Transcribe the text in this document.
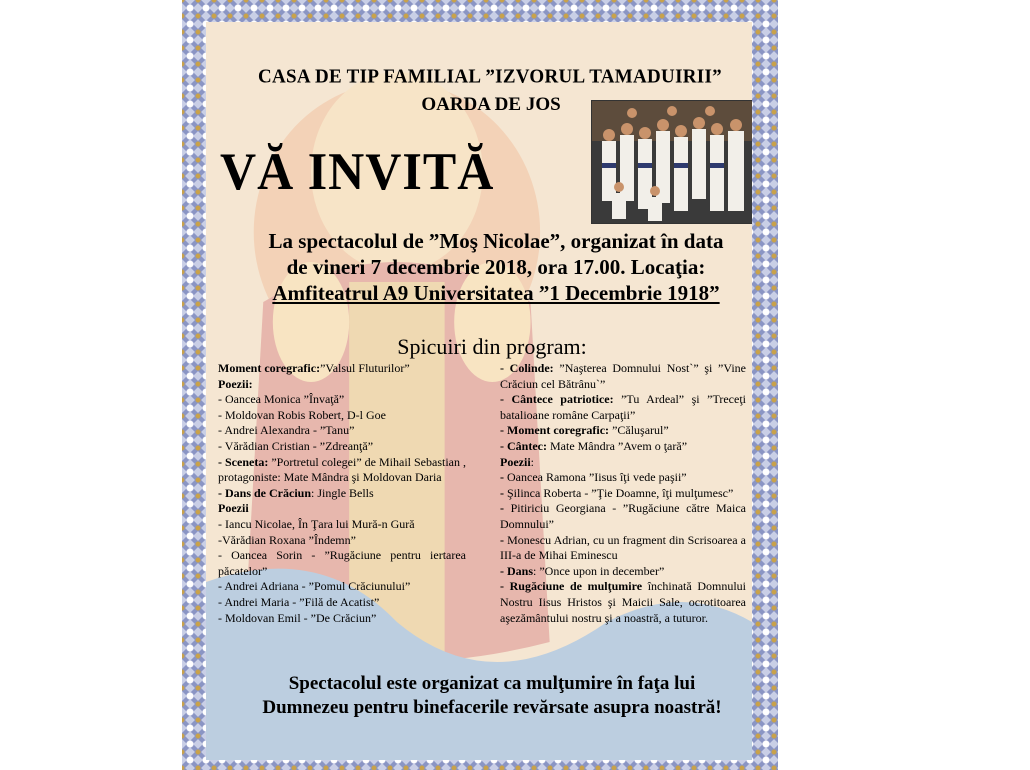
CASA DE TIP FAMILIAL ”IZVORUL TAMADUIRII”
OARDA DE JOS
VĂ INVITĂ
La spectacolul de ”Moş Nicolae”, organizat în data
de vineri 7 decembrie 2018, ora 17.00. Locaţia:
Amfiteatrul A9 Universitatea ”1 Decembrie 1918”
Spicuiri din program:

Moment coregrafic:”Valsul Fluturilor”

Poezii:

- Oancea Monica ”Învaţă”

- Moldovan Robis Robert, D-l Goe

- Andrei Alexandra - ”Tanu”

- Vărădian Cristian - ”Zdreanţă”

- Sceneta: ”Portretul colegei” de Mihail Sebastian , protagoniste: Mate Mândra şi Moldovan Daria

- Dans de Crăciun: Jingle Bells

Poezii

- Iancu Nicolae, În Ţara lui Mură-n Gură

-Vărădian Roxana ”Îndemn”

- Oancea Sorin - ”Rugăciune pentru iertarea păcatelor”

- Andrei Adriana - ”Pomul Crăciunului”

- Andrei Maria - ”Filă de Acatist”

- Moldovan Emil - ”De Crăciun”

- Colinde: ”Naşterea Domnului Nost`” şi ”Vine Crăciun cel Bătrânu`”

- Cântece patriotice: ”Tu Ardeal” şi ”Treceţi batalioane române Carpaţii”

- Moment coregrafic: ”Căluşarul”

- Cântec: Mate Mândra ”Avem o ţară”

Poezii:

- Oancea Ramona ”Iisus îţi vede paşii”

- Şilinca Roberta - ”Ţie Doamne, îţi mulţumesc”

- Pitiriciu Georgiana - ”Rugăciune către Maica Domnului”

- Monescu Adrian, cu un fragment din Scrisoarea a III-a de Mihai Eminescu

- Dans: ”Once upon in december”

- Rugăciune de mulţumire închinată Domnului Nostru Iisus Hristos şi Maicii Sale, ocrotitoarea aşezământului nostru şi a noastră, a tuturor.

Spectacolul este organizat ca mulţumire în faţa lui
Dumnezeu pentru binefacerile revărsate asupra noastră!
